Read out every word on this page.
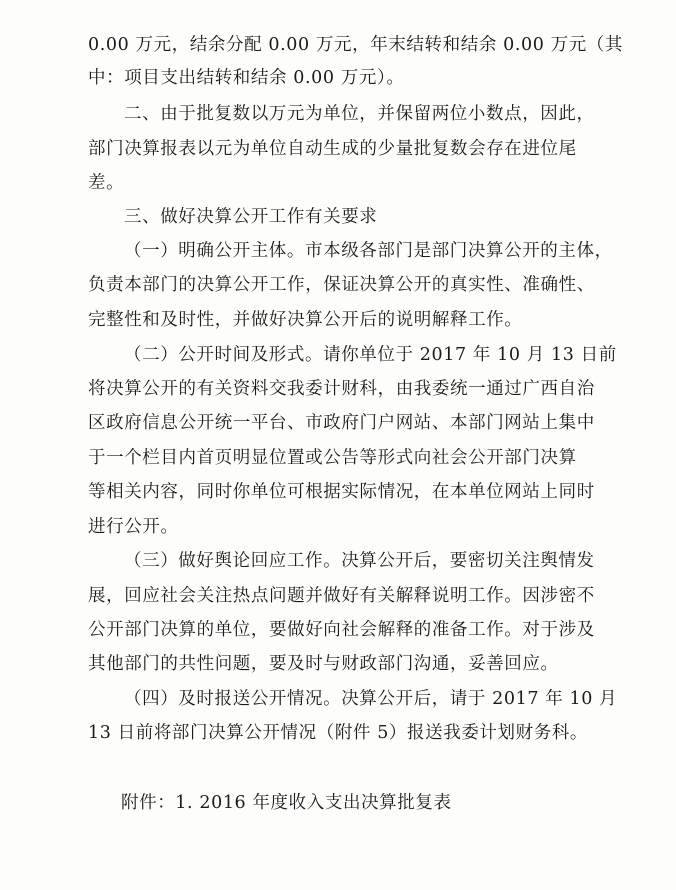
0.00 万元，结余分配 0.00 万元，年末结转和结余 0.00 万元（其
中：项目支出结转和结余 0.00 万元）。
二、由于批复数以万元为单位，并保留两位小数点，因此，
部门决算报表以元为单位自动生成的少量批复数会存在进位尾
差。
三、做好决算公开工作有关要求
（一）明确公开主体。市本级各部门是部门决算公开的主体，
负责本部门的决算公开工作，保证决算公开的真实性、准确性、
完整性和及时性，并做好决算公开后的说明解释工作。
（二）公开时间及形式。请你单位于 2017 年 10 月 13 日前
将决算公开的有关资料交我委计财科，由我委统一通过广西自治
区政府信息公开统一平台、市政府门户网站、本部门网站上集中
于一个栏目内首页明显位置或公告等形式向社会公开部门决算
等相关内容，同时你单位可根据实际情况，在本单位网站上同时
进行公开。
（三）做好舆论回应工作。决算公开后，要密切关注舆情发
展，回应社会关注热点问题并做好有关解释说明工作。因涉密不
公开部门决算的单位，要做好向社会解释的准备工作。对于涉及
其他部门的共性问题，要及时与财政部门沟通，妥善回应。
（四）及时报送公开情况。决算公开后，请于 2017 年 10 月
13 日前将部门决算公开情况（附件 5）报送我委计划财务科。
附件：1. 2016 年度收入支出决算批复表
